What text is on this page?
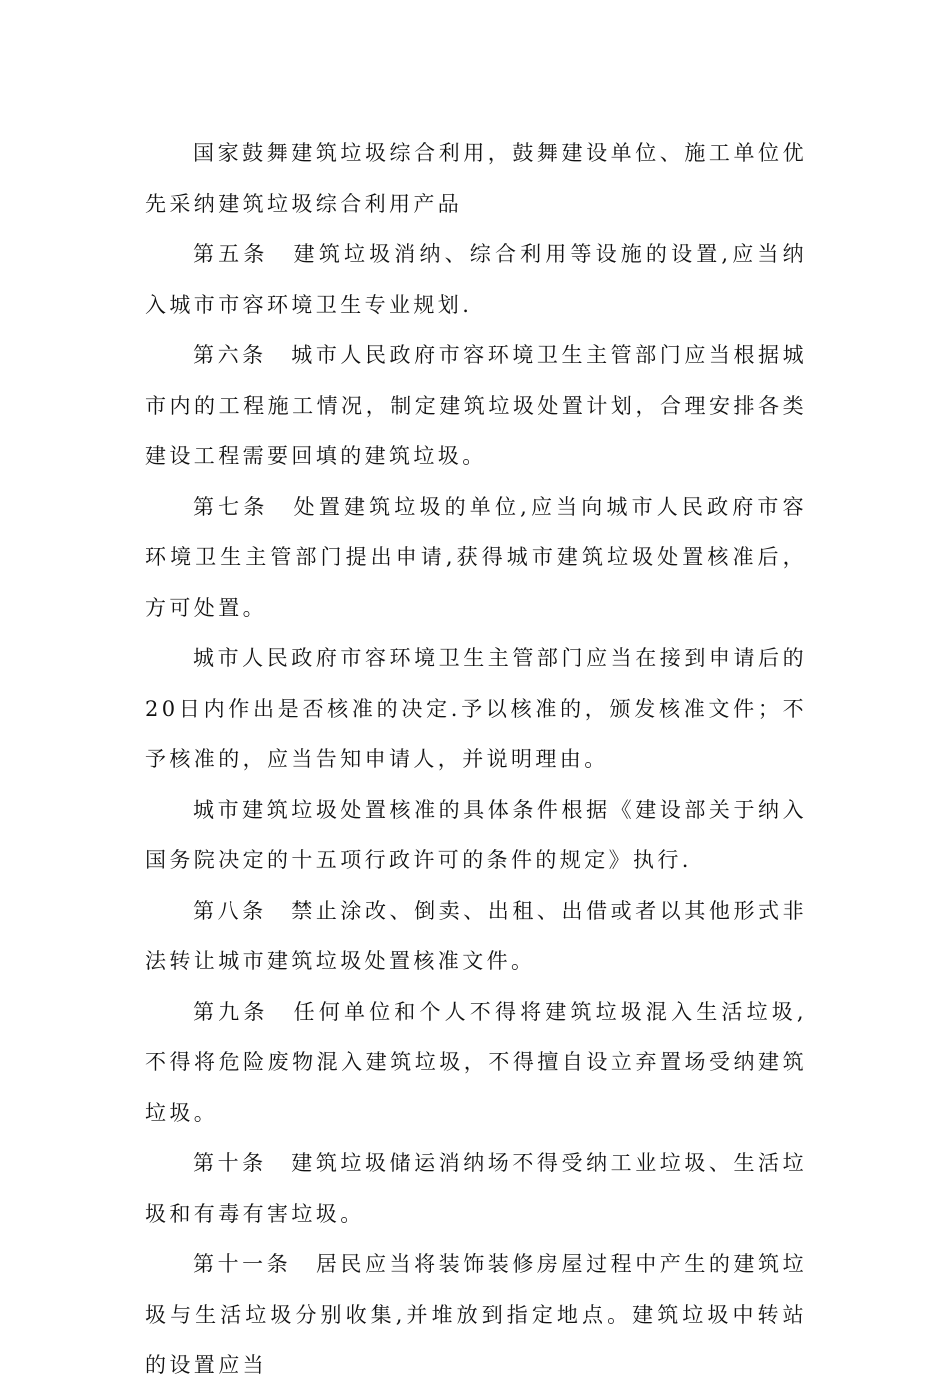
国家鼓舞建筑垃圾综合利用，鼓舞建设单位、施工单位优先采纳建筑垃圾综合利用产品

第五条　建筑垃圾消纳、综合利用等设施的设置,应当纳入城市市容环境卫生专业规划.

第六条　城市人民政府市容环境卫生主管部门应当根据城市内的工程施工情况，制定建筑垃圾处置计划，合理安排各类建设工程需要回填的建筑垃圾。

第七条　处置建筑垃圾的单位,应当向城市人民政府市容环境卫生主管部门提出申请,获得城市建筑垃圾处置核准后，方可处置。

城市人民政府市容环境卫生主管部门应当在接到申请后的20日内作出是否核准的决定.予以核准的，颁发核准文件；不予核准的，应当告知申请人，并说明理由。

城市建筑垃圾处置核准的具体条件根据《建设部关于纳入国务院决定的十五项行政许可的条件的规定》执行.

第八条　禁止涂改、倒卖、出租、出借或者以其他形式非法转让城市建筑垃圾处置核准文件。

第九条　任何单位和个人不得将建筑垃圾混入生活垃圾,不得将危险废物混入建筑垃圾，不得擅自设立弃置场受纳建筑垃圾。

第十条　建筑垃圾储运消纳场不得受纳工业垃圾、生活垃圾和有毒有害垃圾。

第十一条　居民应当将装饰装修房屋过程中产生的建筑垃圾与生活垃圾分别收集,并堆放到指定地点。建筑垃圾中转站的设置应当
